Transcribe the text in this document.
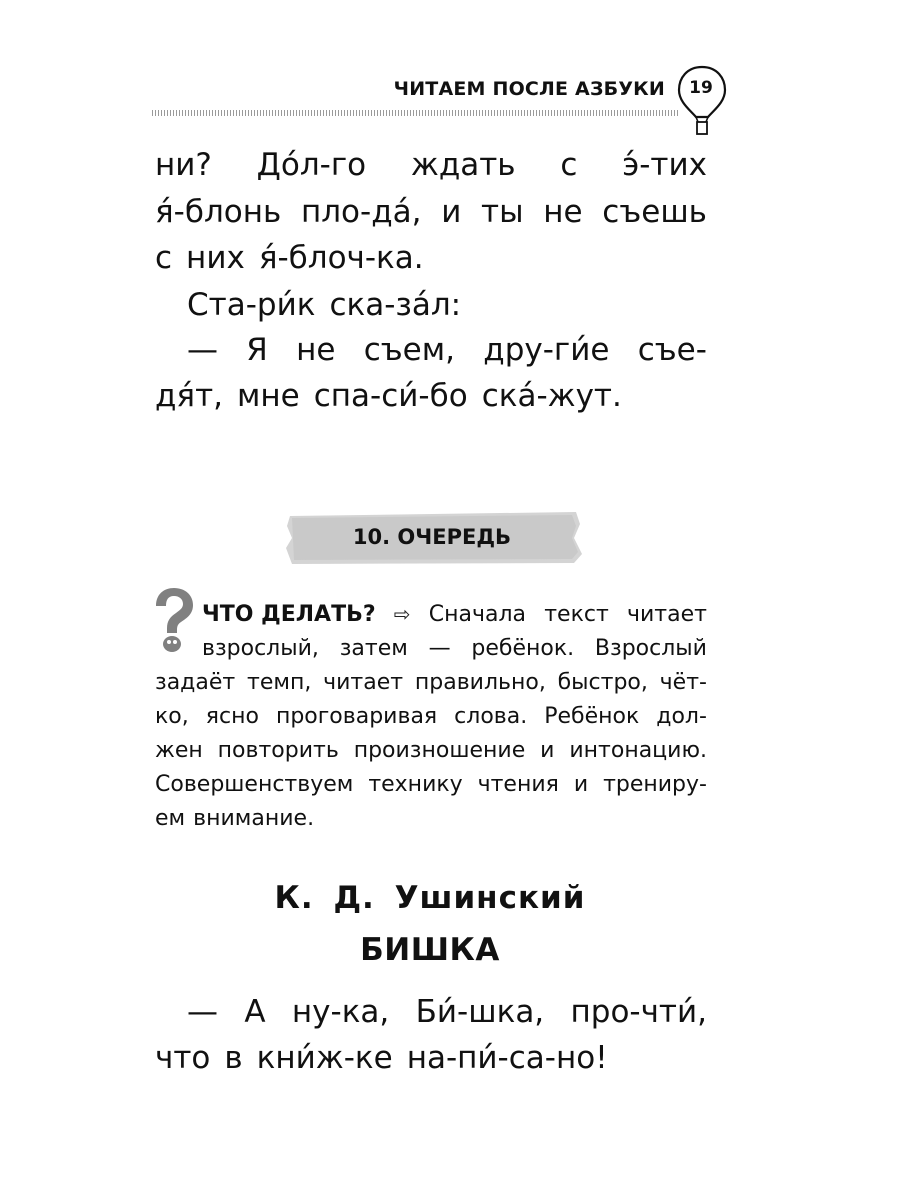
ЧИТАЕМ ПОСЛЕ АЗБУКИ	19
ни? До́л-го ждать с э́-тих
я́-блонь пло-да́, и ты не съешь
с них я́-блоч-ка.
Ста-ри́к ска-за́л:
— Я не съем, дру-ги́е съе-
дя́т, мне спа-си́-бо ска́-жут.
10. ОЧЕРЕДЬ
ЧТО ДЕЛАТЬ? ⇨ Сначала текст читает
взрослый, затем — ребёнок. Взрослый
задаёт темп, читает правильно, быстро, чёт-
ко, ясно проговаривая слова. Ребёнок дол-
жен повторить произношение и интонацию.
Совершенствуем технику чтения и трениру-
ем внимание.
К. Д. Ушинский
БИШКА
— А ну-ка, Би́-шка, про-чти́,
что в кни́ж-ке на-пи́-са-но!
